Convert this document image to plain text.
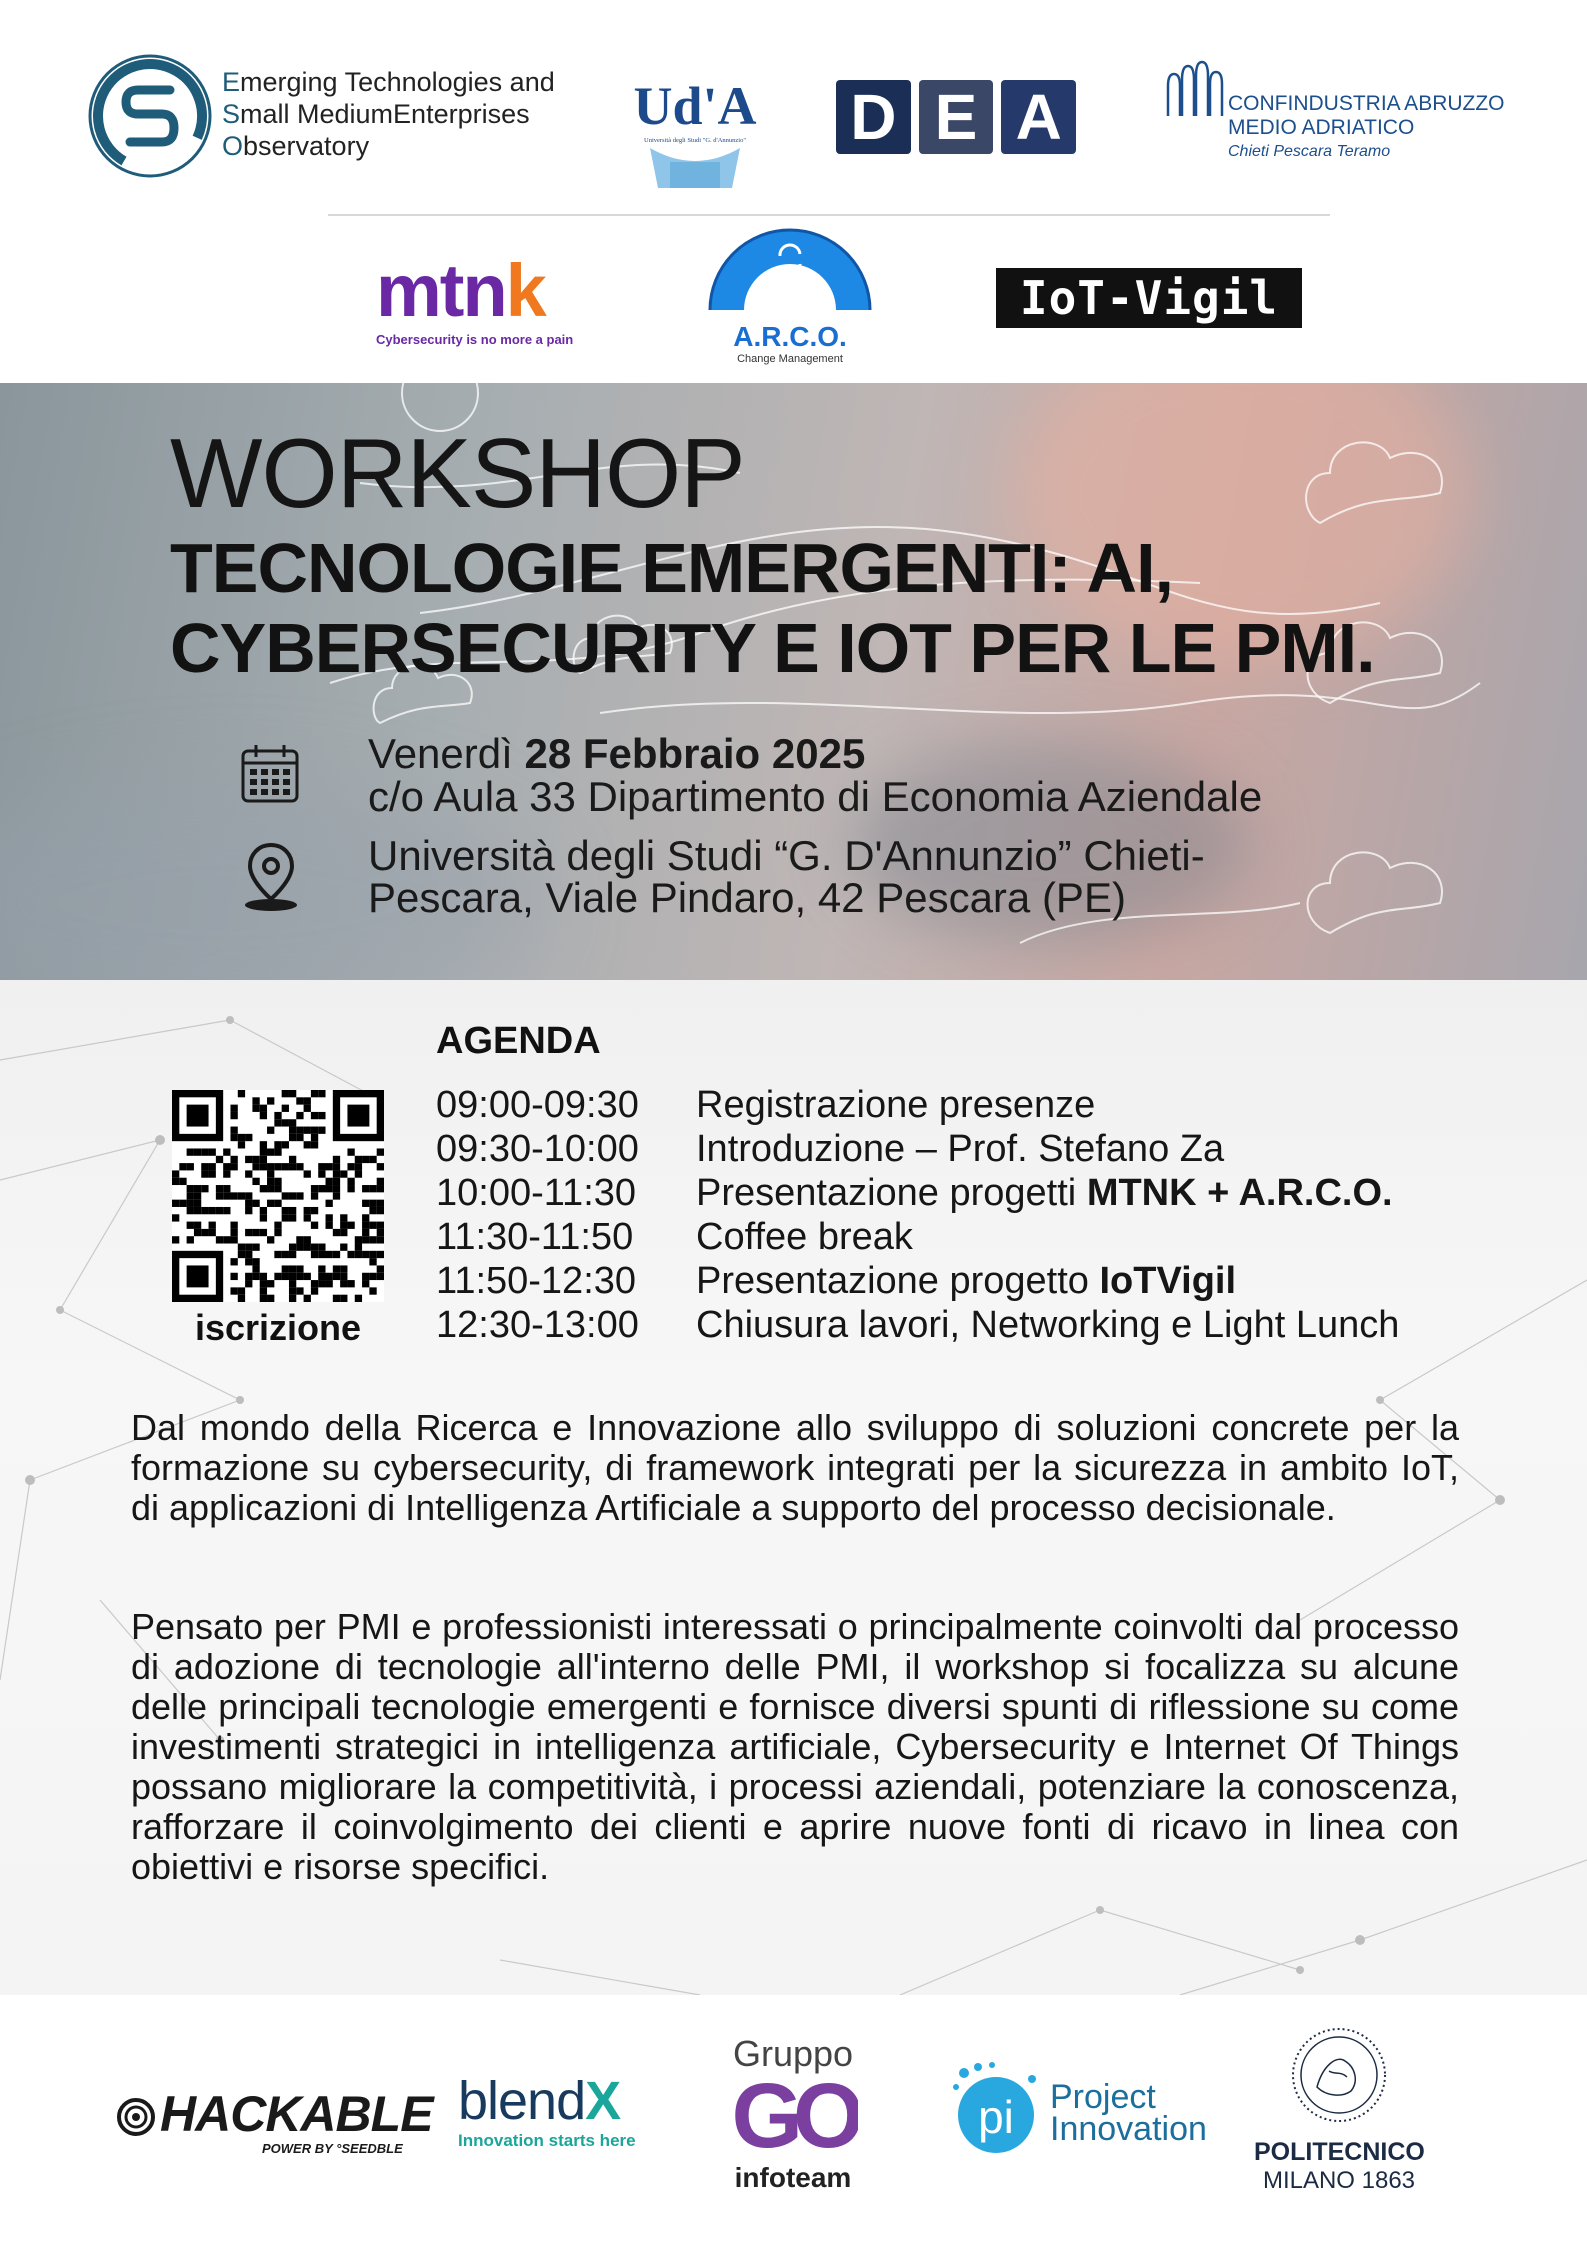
Emerging Technologies and
Small MediumEnterprises
Observatory
Ud'A
Università degli Studi "G. d'Annunzio" D E A	CONFINDUSTRIA ABRUZZO
MEDIO ADRIATICO
Chieti Pescara Teramo
mtnk
Cybersecurity is no more a pain	A.R.C.O.
Change Management
IoT-Vigil
WORKSHOP
TECNOLOGIE EMERGENTI: AI,
CYBERSECURITY E IOT PER LE PMI.
Venerdì 28 Febbraio 2025
c/o Aula 33 Dipartimento di Economia Aziendale
Università degli Studi “G. D'Annunzio” Chieti-
Pescara, Viale Pindaro, 42 Pescara (PE)
AGENDA
iscrizione
09:00-09:30	Registrazione presenze
09:30-10:00	Introduzione – Prof. Stefano Za
10:00-11:30	Presentazione progetti MTNK + A.R.C.O.
11:30-11:50	Coffee break
11:50-12:30	Presentazione progetto IoTVigil
12:30-13:00	Chiusura lavori, Networking e Light Lunch

Dal mondo della Ricerca e Innovazione allo sviluppo di soluzioni concrete per la formazione su cybersecurity, di framework integrati per la sicurezza in ambito IoT, di applicazioni di Intelligenza Artificiale a supporto del processo decisionale.

Pensato per PMI e professionisti interessati o principalmente coinvolti dal processo di adozione di tecnologie all'interno delle PMI, il workshop si focalizza su alcune delle principali tecnologie emergenti e fornisce diversi spunti di riflessione su come investimenti strategici in intelligenza artificiale, Cybersecurity e Internet Of Things possano migliorare la competitività, i processi aziendali, potenziare la conoscenza, rafforzare il coinvolgimento dei clienti e aprire nuove fonti di ricavo in linea con obiettivi e risorse specifici.

HACKABLE
POWER BY °SEEDBLE
blendX
Innovation starts here
Gruppo
GO
infoteam
pi Project
Innovation
POLITECNICO
MILANO 1863
